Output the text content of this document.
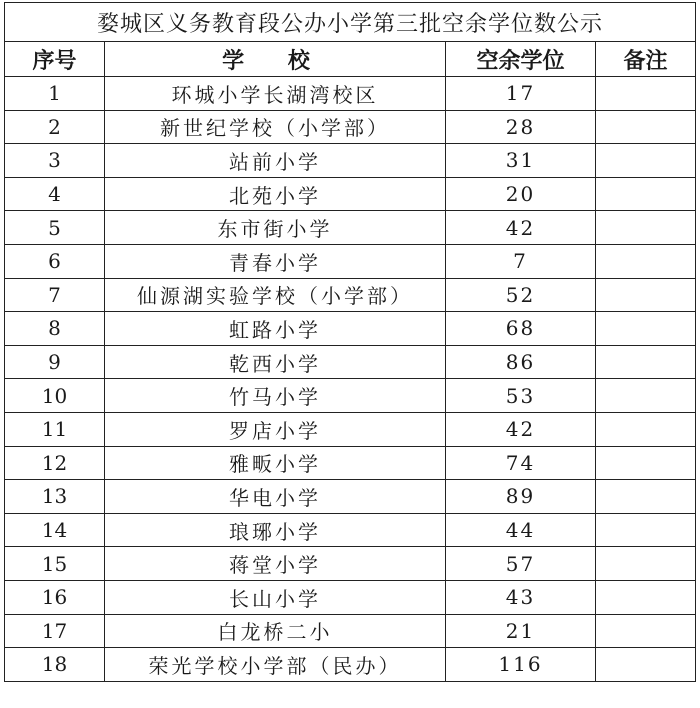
婺城区义务教育段公办小学第三批空余学位数公示			
序号	学 校	空余学位	备注
1	环城小学长湖湾校区	17	
2	新世纪学校（小学部）	28	
3	站前小学	31	
4	北苑小学	20	
5	东市街小学	42	
6	青春小学	7	
7	仙源湖实验学校（小学部）	52	
8	虹路小学	68	
9	乾西小学	86	
10	竹马小学	53	
11	罗店小学	42	
12	雅畈小学	74	
13	华电小学	89	
14	琅琊小学	44	
15	蒋堂小学	57	
16	长山小学	43	
17	白龙桥二小	21	
18	荣光学校小学部（民办）	116	
